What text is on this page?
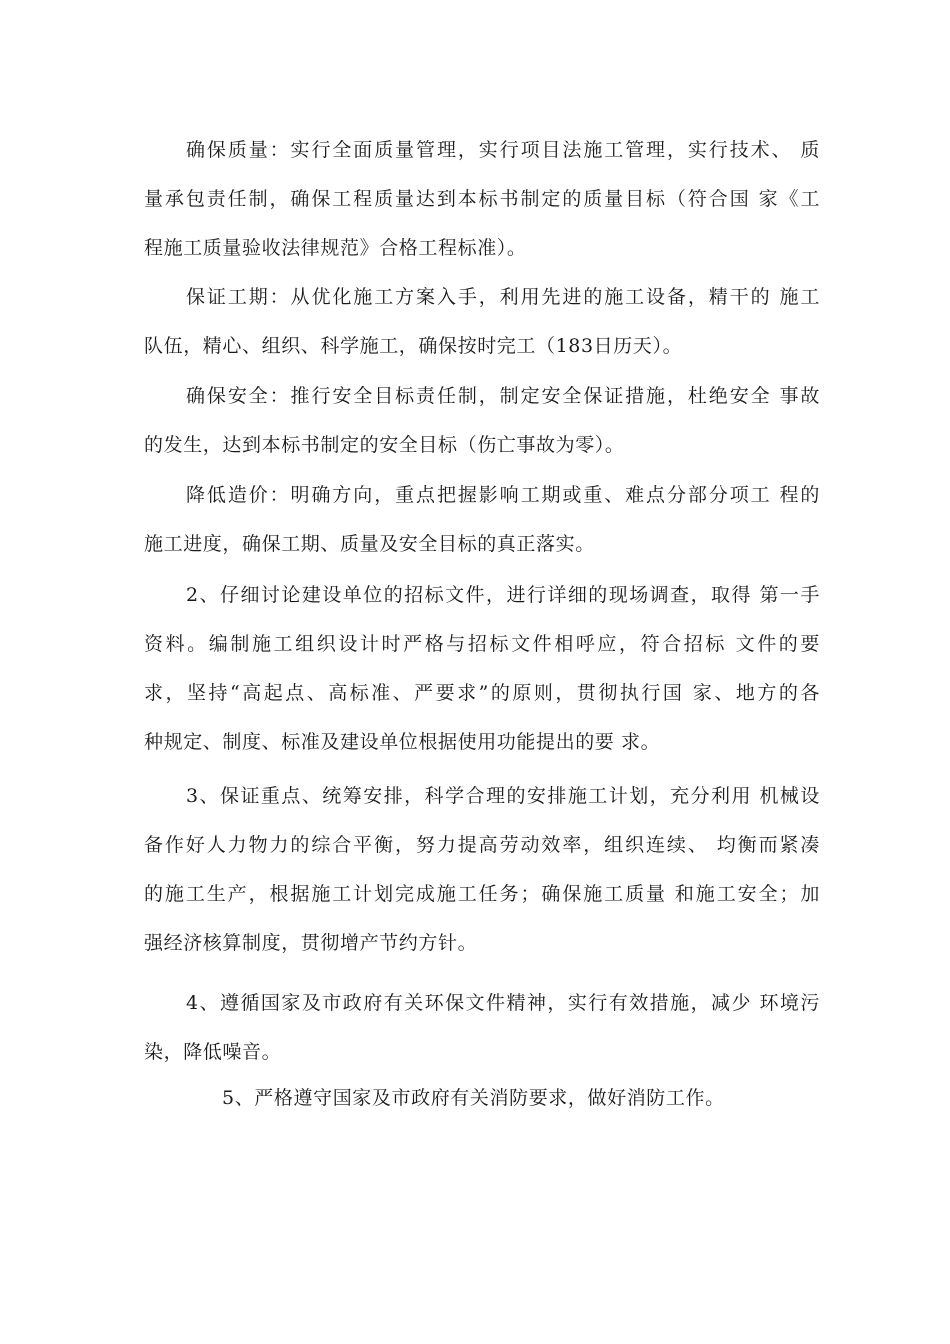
确保质量：实行全面质量管理，实行项目法施工管理，实行技术、 质
量承包责任制，确保工程质量达到本标书制定的质量目标（符合国 家《工
程施工质量验收法律规范》合格工程标准）。
保证工期：从优化施工方案入手，利用先进的施工设备，精干的 施工
队伍，精心、组织、科学施工，确保按时完工（183日历天）。
确保安全：推行安全目标责任制，制定安全保证措施，杜绝安全 事故
的发生，达到本标书制定的安全目标（伤亡事故为零）。
降低造价：明确方向，重点把握影响工期或重、难点分部分项工 程的
施工进度，确保工期、质量及安全目标的真正落实。
2、仔细讨论建设单位的招标文件，进行详细的现场调查，取得 第一手
资料。编制施工组织设计时严格与招标文件相呼应，符合招标 文件的要
求，坚持“高起点、高标准、严要求”的原则，贯彻执行国 家、地方的各
种规定、制度、标准及建设单位根据使用功能提出的要 求。
3、保证重点、统筹安排，科学合理的安排施工计划，充分利用 机械设
备作好人力物力的综合平衡，努力提高劳动效率，组织连续、 均衡而紧凑
的施工生产，根据施工计划完成施工任务；确保施工质量 和施工安全；加
强经济核算制度，贯彻增产节约方针。
4、遵循国家及市政府有关环保文件精神，实行有效措施，减少 环境污
染，降低噪音。
5、严格遵守国家及市政府有关消防要求，做好消防工作。
